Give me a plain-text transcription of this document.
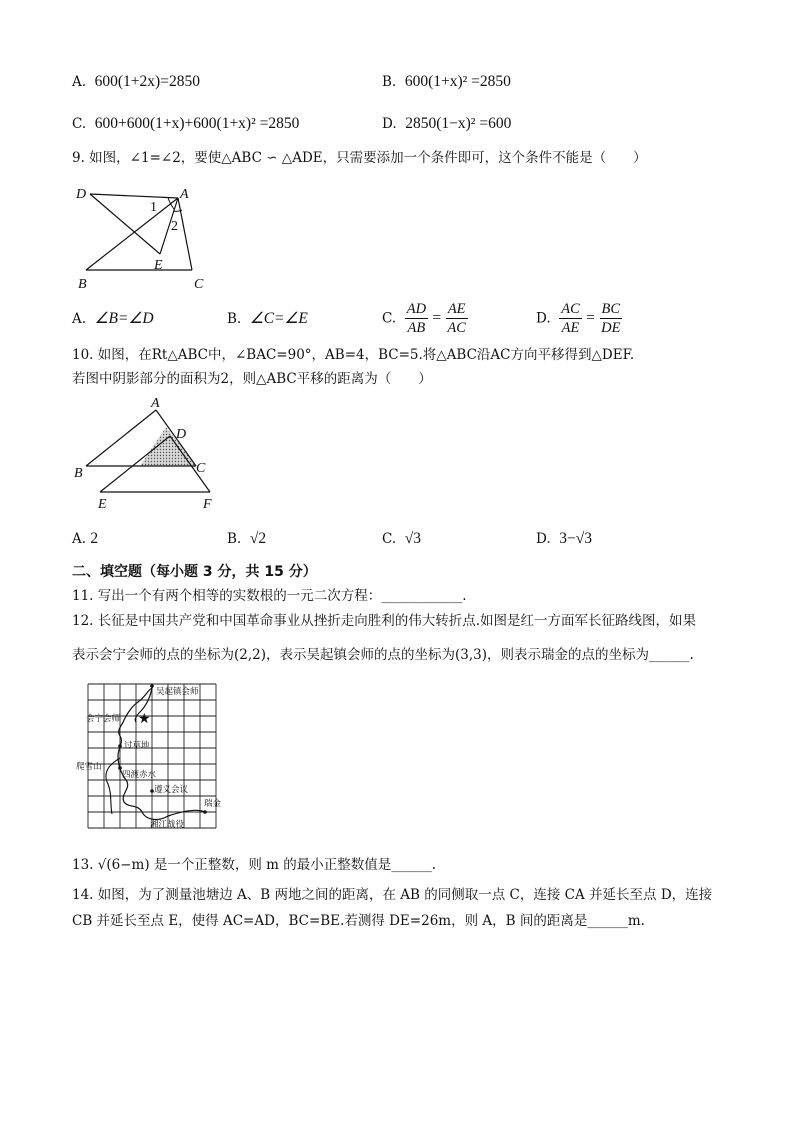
A. 600(1+2x)=2850	B. 600(1+x)² =2850
C. 600+600(1+x)+600(1+x)² =2850	D. 2850(1−x)² =600
9. 如图，∠1=∠2，要使△ABC ∽ △ADE，只需要添加一个条件即可，这个条件不能是（　　）
D	A
1
2
E
B	C
A. ∠B=∠D	B. ∠C=∠E	C. $\frac{AD}{AB} = \frac{AE}{AC}$	D. $\frac{AC}{AE} = \frac{BC}{DE}$
10. 如图，在Rt△ABC中，∠BAC=90°，AB=4，BC=5.将△ABC沿AC方向平移得到△DEF.
若图中阴影部分的面积为2，则△ABC平移的距离为（　　）
A
D
B	C
E	F
A. 2	B. √2	C. √3	D. 3−√3
二、填空题（每小题 3 分，共 15 分）
11. 写出一个有两个相等的实数根的一元二次方程：____________.
12. 长征是中国共产党和中国革命事业从挫折走向胜利的伟大转折点.如图是红一方面军长征路线图，如果
表示会宁会师的点的坐标为(2,2)，表示吴起镇会师的点的坐标为(3,3)，则表示瑞金的点的坐标为______.
★
吴起镇会师
会宁会师
过草地
爬雪山
四渡赤水
遵义会议
瑞金
湘江战役
13. √(6−m) 是一个正整数，则 m 的最小正整数值是______.
14. 如图，为了测量池塘边 A、B 两地之间的距离，在 AB 的同侧取一点 C，连接 CA 并延长至点 D，连接
CB 并延长至点 E，使得 AC=AD，BC=BE.若测得 DE=26m，则 A，B 间的距离是______m.
